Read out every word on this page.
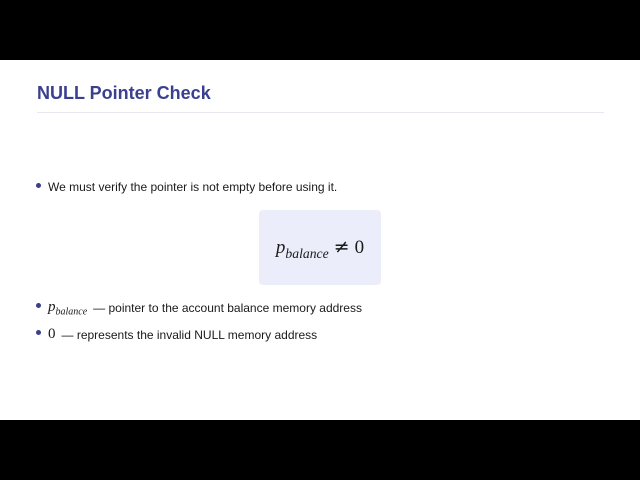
NULL Pointer Check
We must verify the pointer is not empty before using it.
$p_{balance} \ne 0$
$p_{balance}$ — pointer to the account balance memory address
0 — represents the invalid NULL memory address
